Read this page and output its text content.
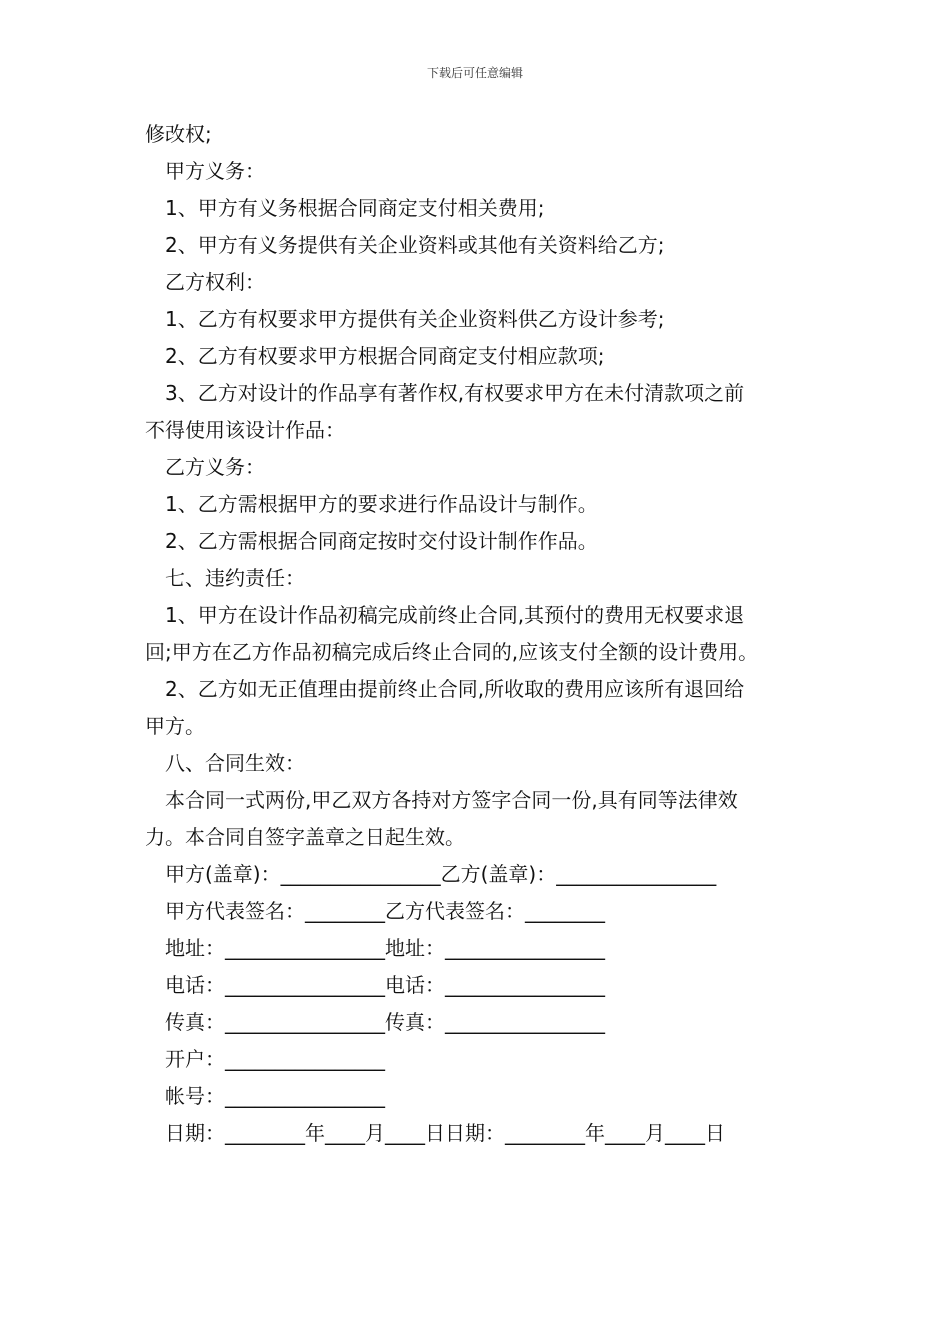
下载后可任意编辑
修改权;
甲方义务：
1、甲方有义务根据合同商定支付相关费用;
2、甲方有义务提供有关企业资料或其他有关资料给乙方;
乙方权利：
1、乙方有权要求甲方提供有关企业资料供乙方设计参考;
2、乙方有权要求甲方根据合同商定支付相应款项;
3、乙方对设计的作品享有著作权,有权要求甲方在未付清款项之前
不得使用该设计作品：
乙方义务：
1、乙方需根据甲方的要求进行作品设计与制作。
2、乙方需根据合同商定按时交付设计制作作品。
七、违约责任：
1、甲方在设计作品初稿完成前终止合同,其预付的费用无权要求退
回;甲方在乙方作品初稿完成后终止合同的,应该支付全额的设计费用。
2、乙方如无正值理由提前终止合同,所收取的费用应该所有退回给
甲方。
八、合同生效：
本合同一式两份,甲乙双方各持对方签字合同一份,具有同等法律效
力。本合同自签字盖章之日起生效。
甲方(盖章)：________________乙方(盖章)：________________
甲方代表签名：________乙方代表签名：________
地址：________________地址：________________
电话：________________电话：________________
传真：________________传真：________________
开户：________________
帐号：________________
日期：________年____月____日日期：________年____月____日
